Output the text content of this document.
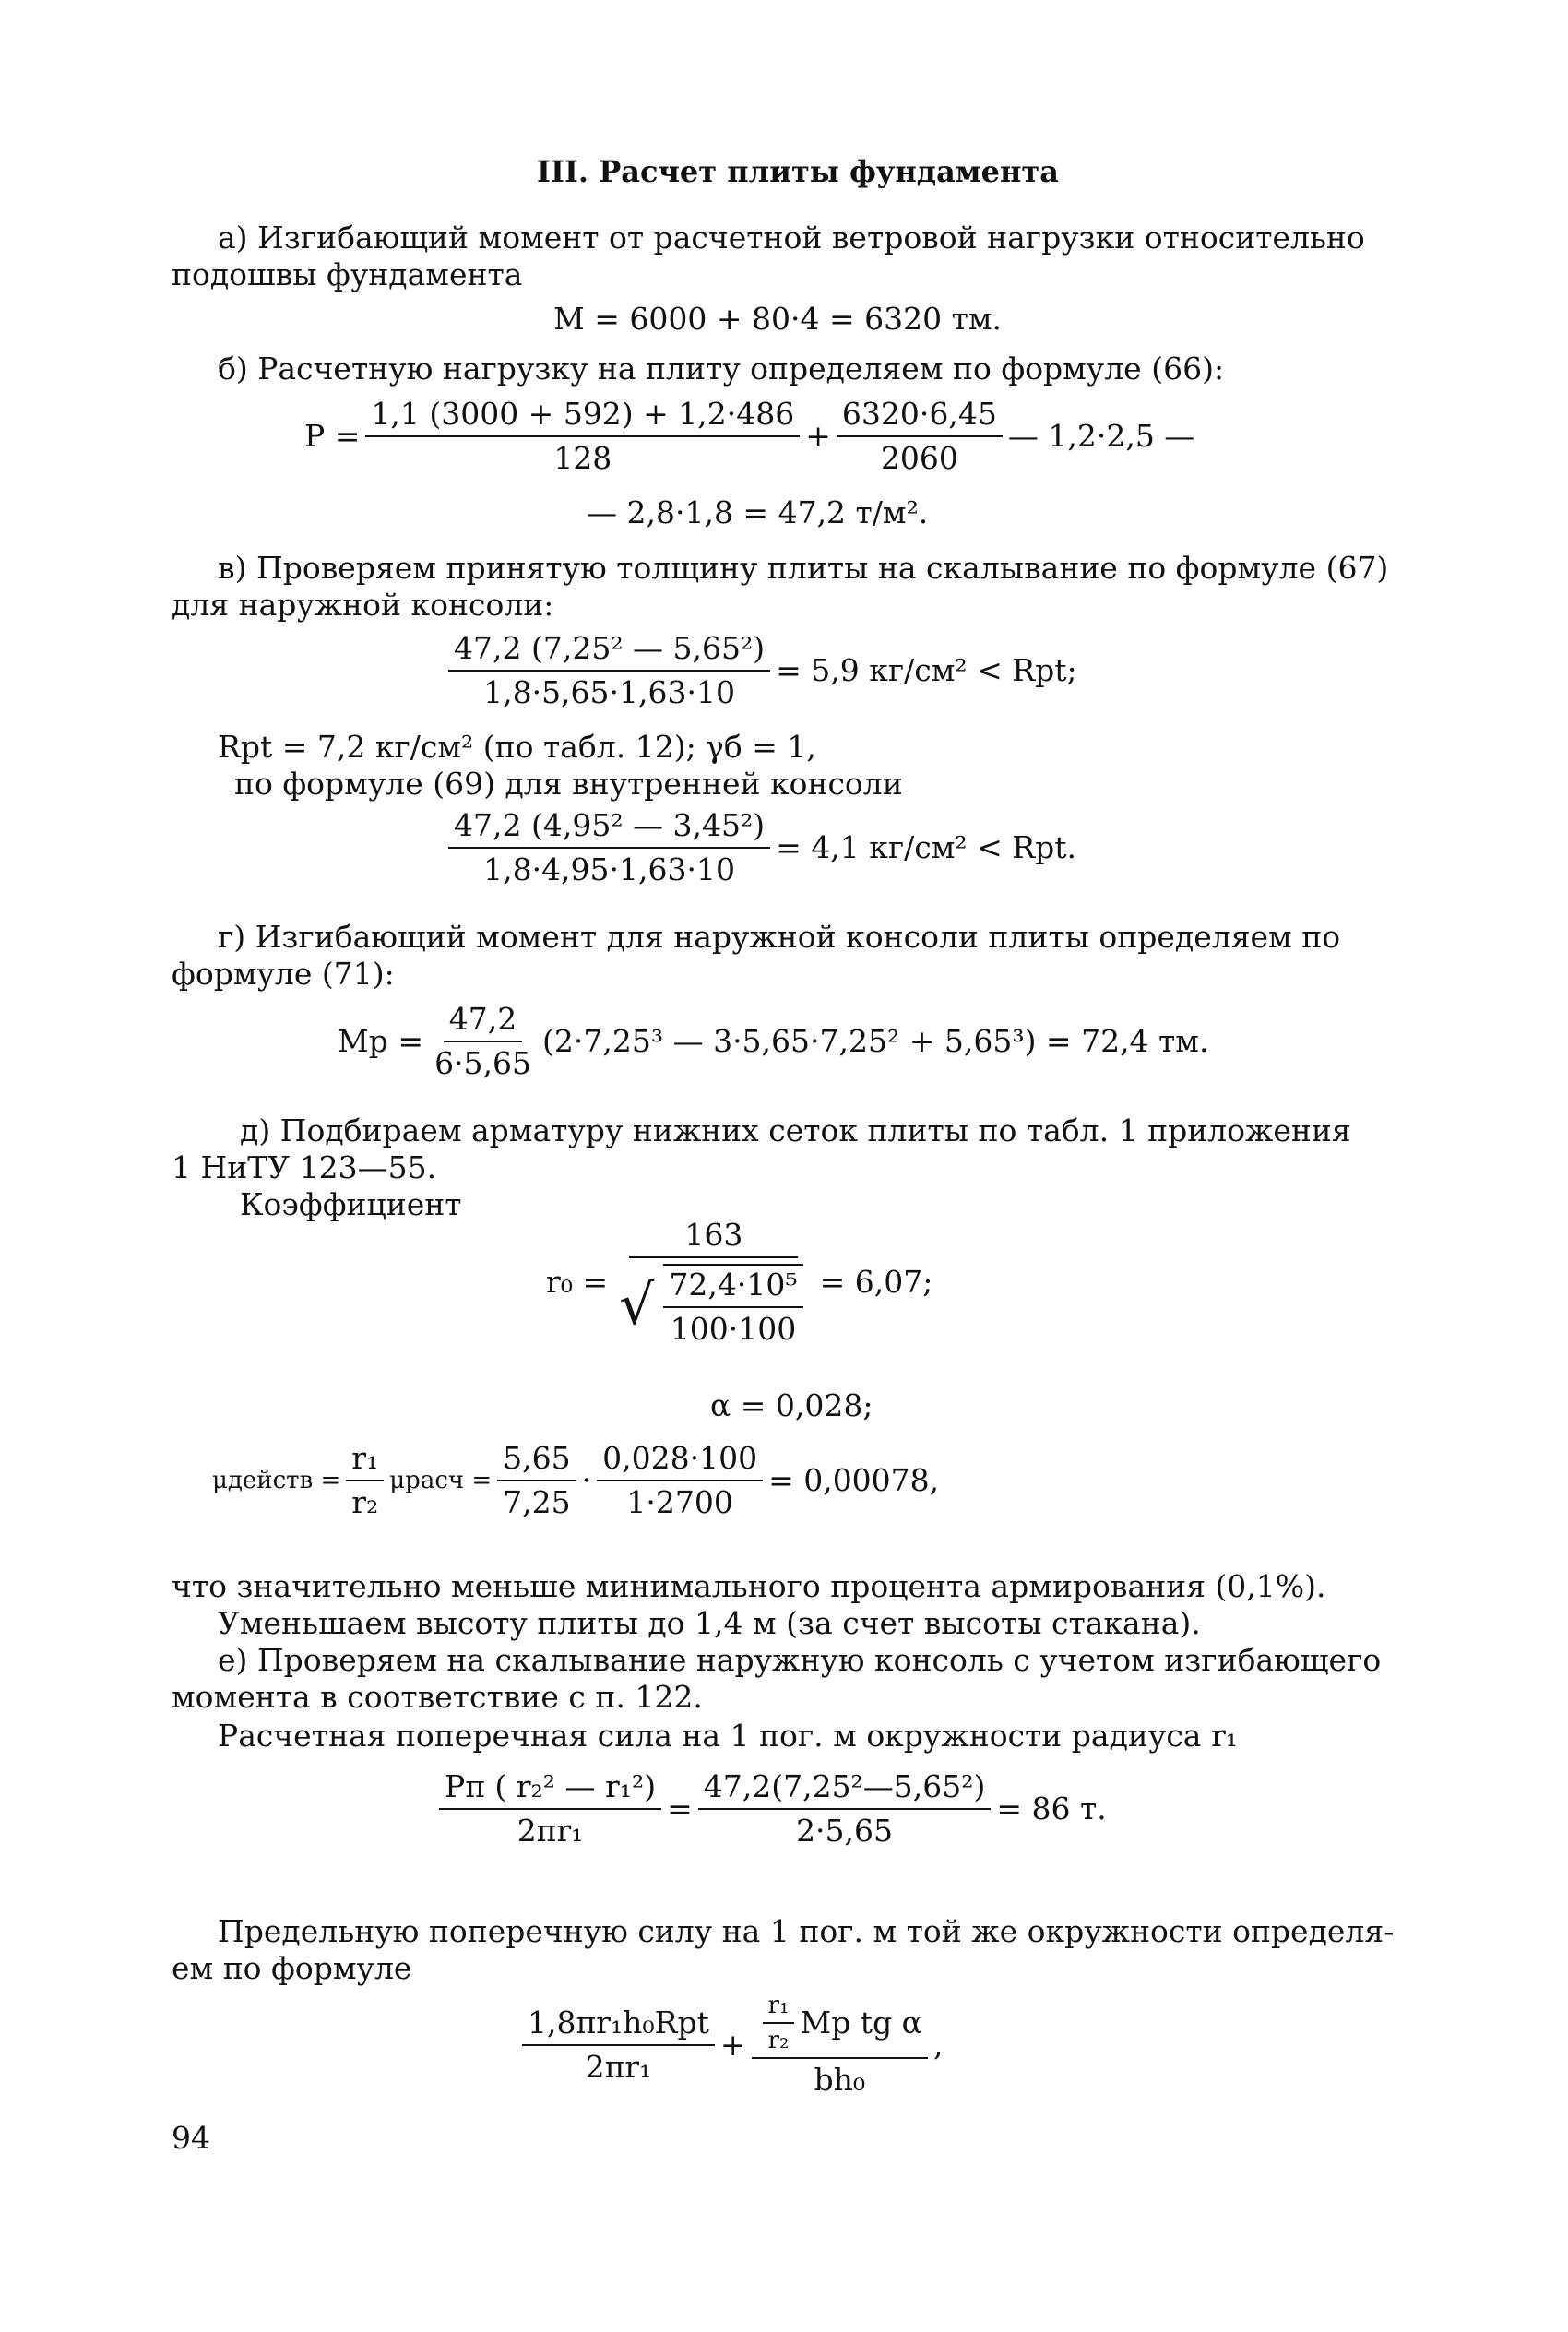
III. Расчет плиты фундамента
а) Изгибающий момент от расчетной ветровой нагрузки относительно
подошвы фундамента
M = 6000 + 80·4 = 6320 тм.
б) Расчетную нагрузку на плиту определяем по формуле (66):
$P = \frac{1,1 (3000 + 592) + 1,2\cdot 486}{128} + \frac{6320\cdot 6,45}{2060}$ — 1,2·2,5 —
— 2,8·1,8 = 47,2 т/м².
в) Проверяем принятую толщину плиты на скалывание по формуле (67)
для наружной консоли:
$\frac{\text{47,2 (7,25² — 5,65²)}}{1,8\cdot 5,65\cdot 1,63\cdot 10} = 5,9$ кг/см² < Rpt;
Rpt = 7,2 кг/см² (по табл. 12); γб = 1,
по формуле (69) для внутренней консоли
$\frac{\text{47,2 (4,95² — 3,45²)}}{1,8\cdot 4,95\cdot 1,63\cdot 10} = 4,1$ кг/см² < Rpt.
г) Изгибающий момент для наружной консоли плиты определяем по
формуле (71):
$Mp = \frac{47,2}{6\cdot 5,65} (2\cdot 7,25^3$ — 3·5,65·7,25² + 5,65³) = 72,4 тм.
д) Подбираем арматуру нижних сеток плиты по табл. 1 приложения
1 НиТУ 123—55.
Коэффициент
$r_0 = \frac{163}{√ \frac{\text{72,4·10⁵}}{100\cdot 100}} = 6,07$;
α = 0,028;
μдейств = $\frac{\text{r₁}}{\text{r₂}}$ μрасч = $\frac{5,65}{7,25} \cdot \frac{0,028\cdot 100}{1\cdot 2700} = 0,00078$,
что значительно меньше минимального процента армирования (0,1%).
Уменьшаем высоту плиты до 1,4 м (за счет высоты стакана).
е) Проверяем на скалывание наружную консоль с учетом изгибающего
момента в соответствие с п. 122.
Расчетная поперечная сила на 1 пог. м окружности радиуса r₁
$\frac{\text{Pπ ( r₂² — r₁²)}}{\text{2πr₁}} = \frac{\text{47,2(7,25²—5,65²)}}{2\cdot 5,65} = 86$ т.
Предельную поперечную силу на 1 пог. м той же окружности определя-
ем по формуле
$\frac{\text{1,8πr₁h₀Rpt}}{\text{2πr₁}} + \frac{\frac{\text{r₁}}{\text{r₂}} Mp tg \alpha}{\text{bh₀}}$ ,
94
